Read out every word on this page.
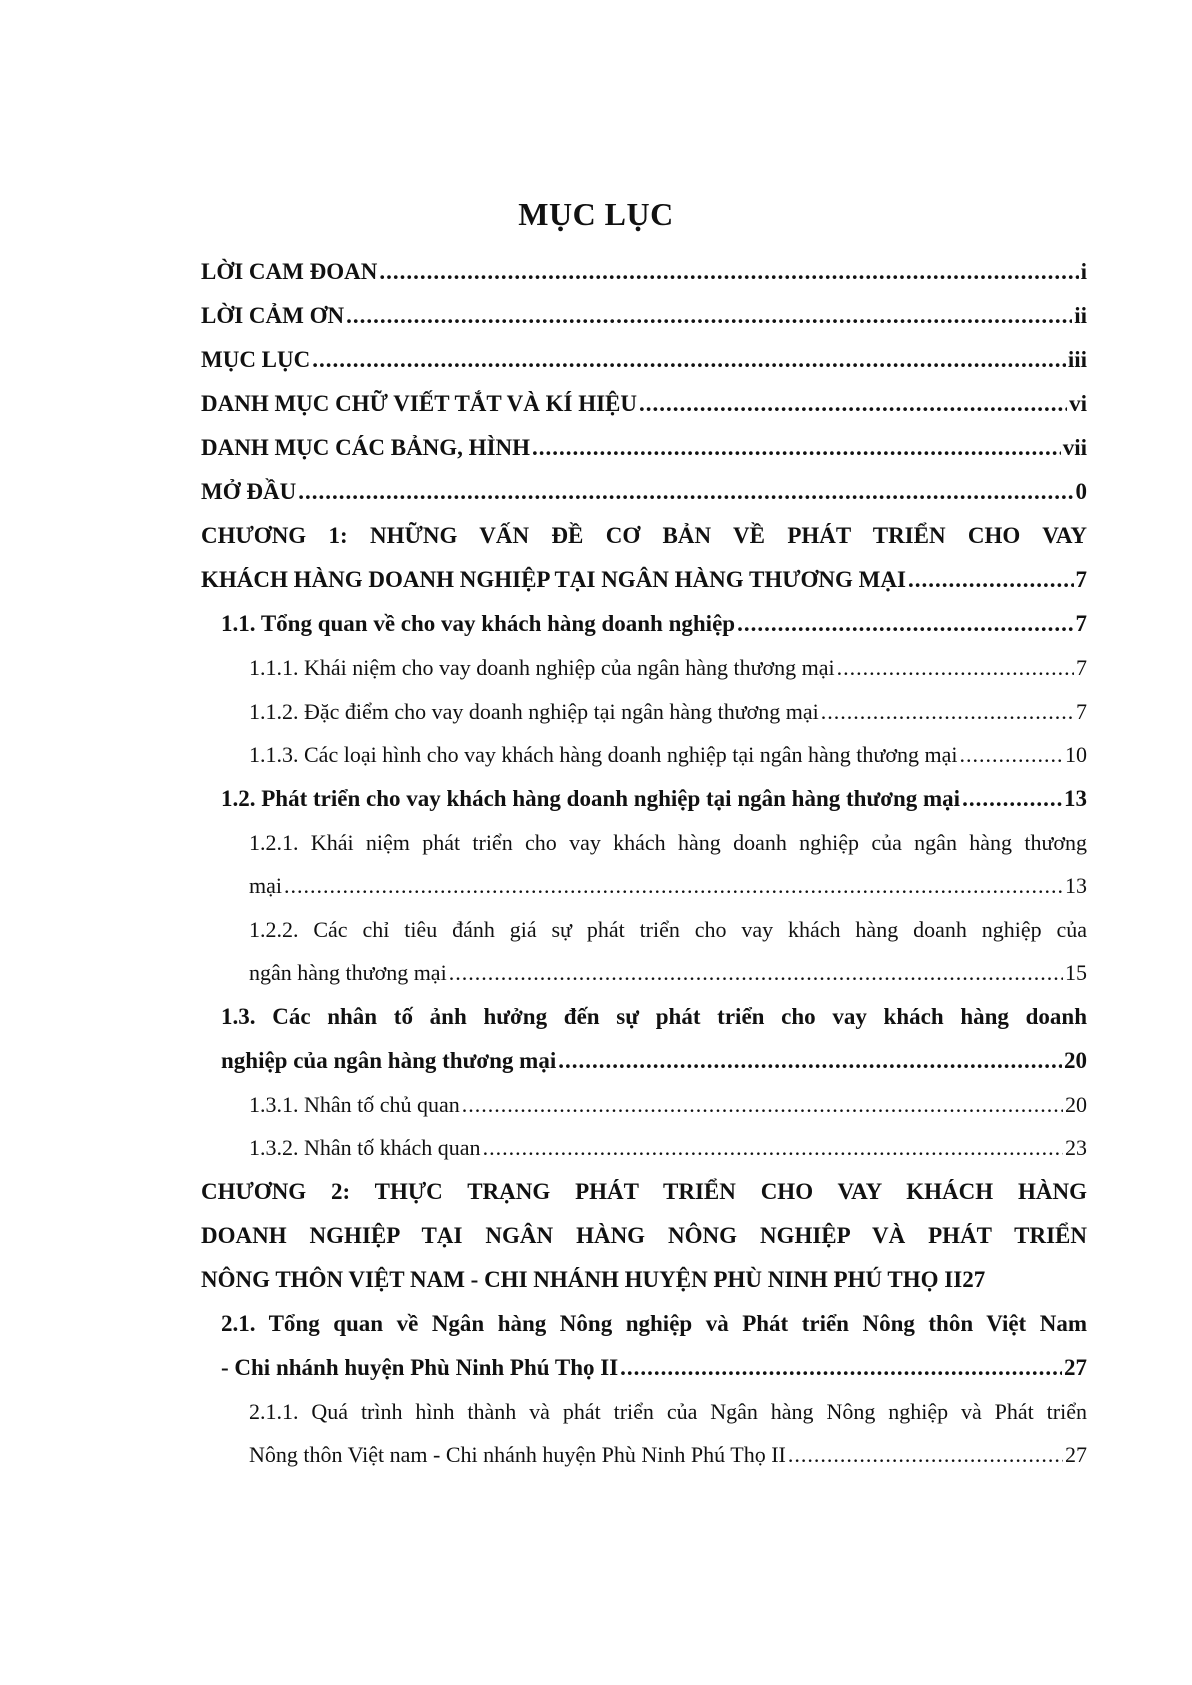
MỤC LỤC
LỜI CAM ĐOAN .....	i
LỜI CẢM ƠN .....	ii
MỤC LỤC .....	iii
DANH MỤC CHỮ VIẾT TẮT VÀ KÍ HIỆU .....	vi
DANH MỤC CÁC BẢNG, HÌNH .....	vii
MỞ ĐẦU .....	0
CHƯƠNG 1: NHỮNG VẤN ĐỀ CƠ BẢN VỀ PHÁT TRIỂN CHO VAY
KHÁCH HÀNG DOANH NGHIỆP TẠI NGÂN HÀNG THƯƠNG MẠI .....	7
1.1. Tổng quan về cho vay khách hàng doanh nghiệp .....	7
1.1.1. Khái niệm cho vay doanh nghiệp của ngân hàng thương mại .....	7
1.1.2. Đặc điểm cho vay doanh nghiệp tại ngân hàng thương mại .....	7
1.1.3. Các loại hình cho vay khách hàng doanh nghiệp tại ngân hàng thương mại .....	10
1.2. Phát triển cho vay khách hàng doanh nghiệp tại ngân hàng thương mại .....	13
1.2.1. Khái niệm phát triển cho vay khách hàng doanh nghiệp của ngân hàng thương
mại .....	13
1.2.2. Các chỉ tiêu đánh giá sự phát triển cho vay khách hàng doanh nghiệp của
ngân hàng thương mại .....	15
1.3. Các nhân tố ảnh hưởng đến sự phát triển cho vay khách hàng doanh
nghiệp của ngân hàng thương mại .....	20
1.3.1. Nhân tố chủ quan .....	20
1.3.2. Nhân tố khách quan .....	23
CHƯƠNG 2: THỰC TRẠNG PHÁT TRIỂN CHO VAY KHÁCH HÀNG
DOANH NGHIỆP TẠI NGÂN HÀNG NÔNG NGHIỆP VÀ PHÁT TRIỂN
NÔNG THÔN VIỆT NAM - CHI NHÁNH HUYỆN PHÙ NINH PHÚ THỌ II 27
2.1. Tổng quan về Ngân hàng Nông nghiệp và Phát triển Nông thôn Việt Nam
- Chi nhánh huyện Phù Ninh Phú Thọ II .....	27
2.1.1. Quá trình hình thành và phát triển của Ngân hàng Nông nghiệp và Phát triển
Nông thôn Việt nam - Chi nhánh huyện Phù Ninh Phú Thọ II .....	27
